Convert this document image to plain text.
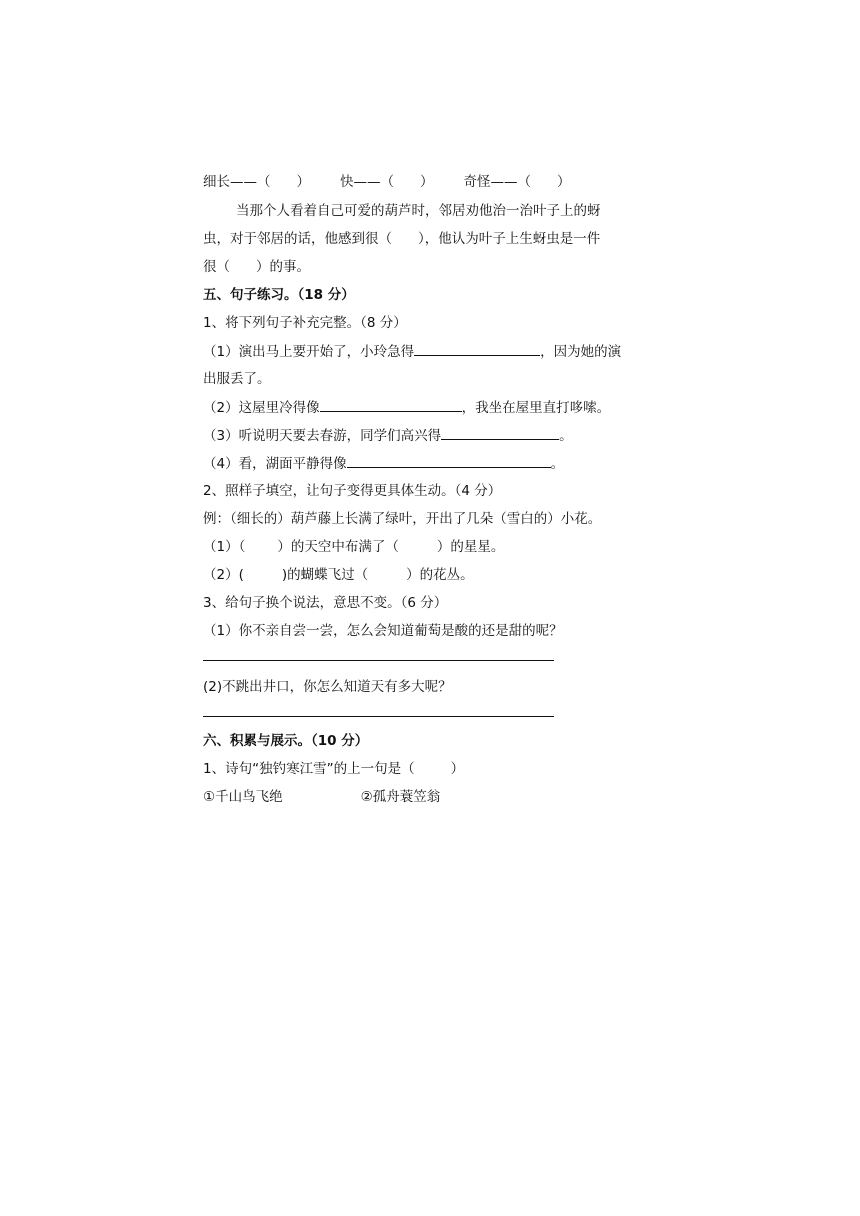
细长——（ ） 快——（ ） 奇怪——（ ）
当那个人看着自己可爱的葫芦时，邻居劝他治一治叶子上的蚜
虫，对于邻居的话，他感到很（ ），他认为叶子上生蚜虫是一件
很（ ）的事。
五、句子练习。（18 分）
1、将下列句子补充完整。（8 分）
（1）演出马上要开始了，小玲急得	，因为她的演
出服丢了。
（2）这屋里冷得像	，我坐在屋里直打哆嗦。
（3）听说明天要去春游，同学们高兴得	。
（4）看，湖面平静得像	。
2、照样子填空，让句子变得更具体生动。（4 分）
例：（细长的）葫芦藤上长满了绿叶，开出了几朵（雪白的）小花。
（1）（ ）的天空中布满了（	）的星星。
（2）(	)的蝴蝶飞过（	）的花丛。
3、给句子换个说法，意思不变。（6 分）
（1）你不亲自尝一尝，怎么会知道葡萄是酸的还是甜的呢？
(2)不跳出井口，你怎么知道天有多大呢？
六、积累与展示。（10 分）
1、诗句“独钓寒江雪”的上一句是（	）
①千山鸟飞绝	②孤舟蓑笠翁
